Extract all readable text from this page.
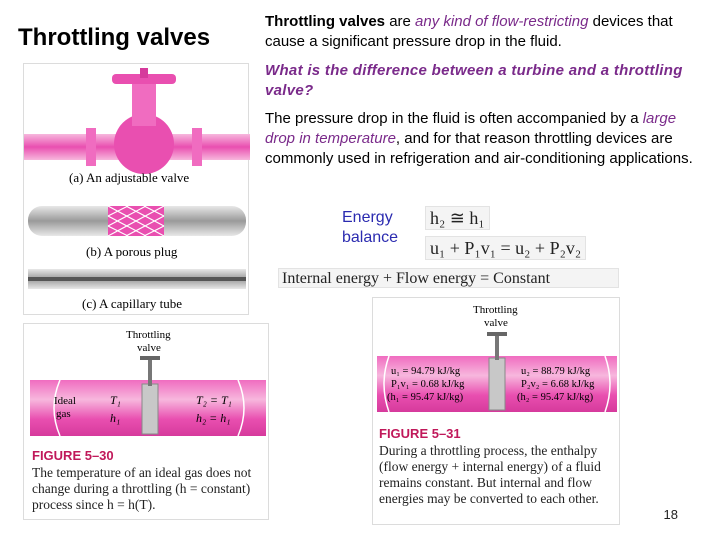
Throttling valves
Throttling valves are any kind of flow-restricting devices that cause a significant pressure drop in the fluid.
What is the difference between a turbine and a throttling valve?
The pressure drop in the fluid is often accompanied by a large drop in temperature, and for that reason throttling devices are commonly used in refrigeration and air-conditioning applications.
Energy
balance
h₂ ≅ h₁
u₁ + P₁v₁ = u₂ + P₂v₂
Internal energy + Flow energy = Constant
(a) An adjustable valve
(b) A porous plug
(c) A capillary tube
Throttling
valve
Ideal
gas
T₁
h₁
T₂ = T₁
h₂ = h₁
FIGURE 5–30
The temperature of an ideal gas does not change during a throttling (h = constant) process since h = h(T).
Throttling
valve
u₁ = 94.79 kJ/kg
P₁v₁ = 0.68 kJ/kg
(h₁ = 95.47 kJ/kg)
u₂ = 88.79 kJ/kg
P₂v₂ = 6.68 kJ/kg
(h₂ = 95.47 kJ/kg)
FIGURE 5–31
During a throttling process, the enthalpy (flow energy + internal energy) of a fluid remains constant. But internal and flow energies may be converted to each other.
18
